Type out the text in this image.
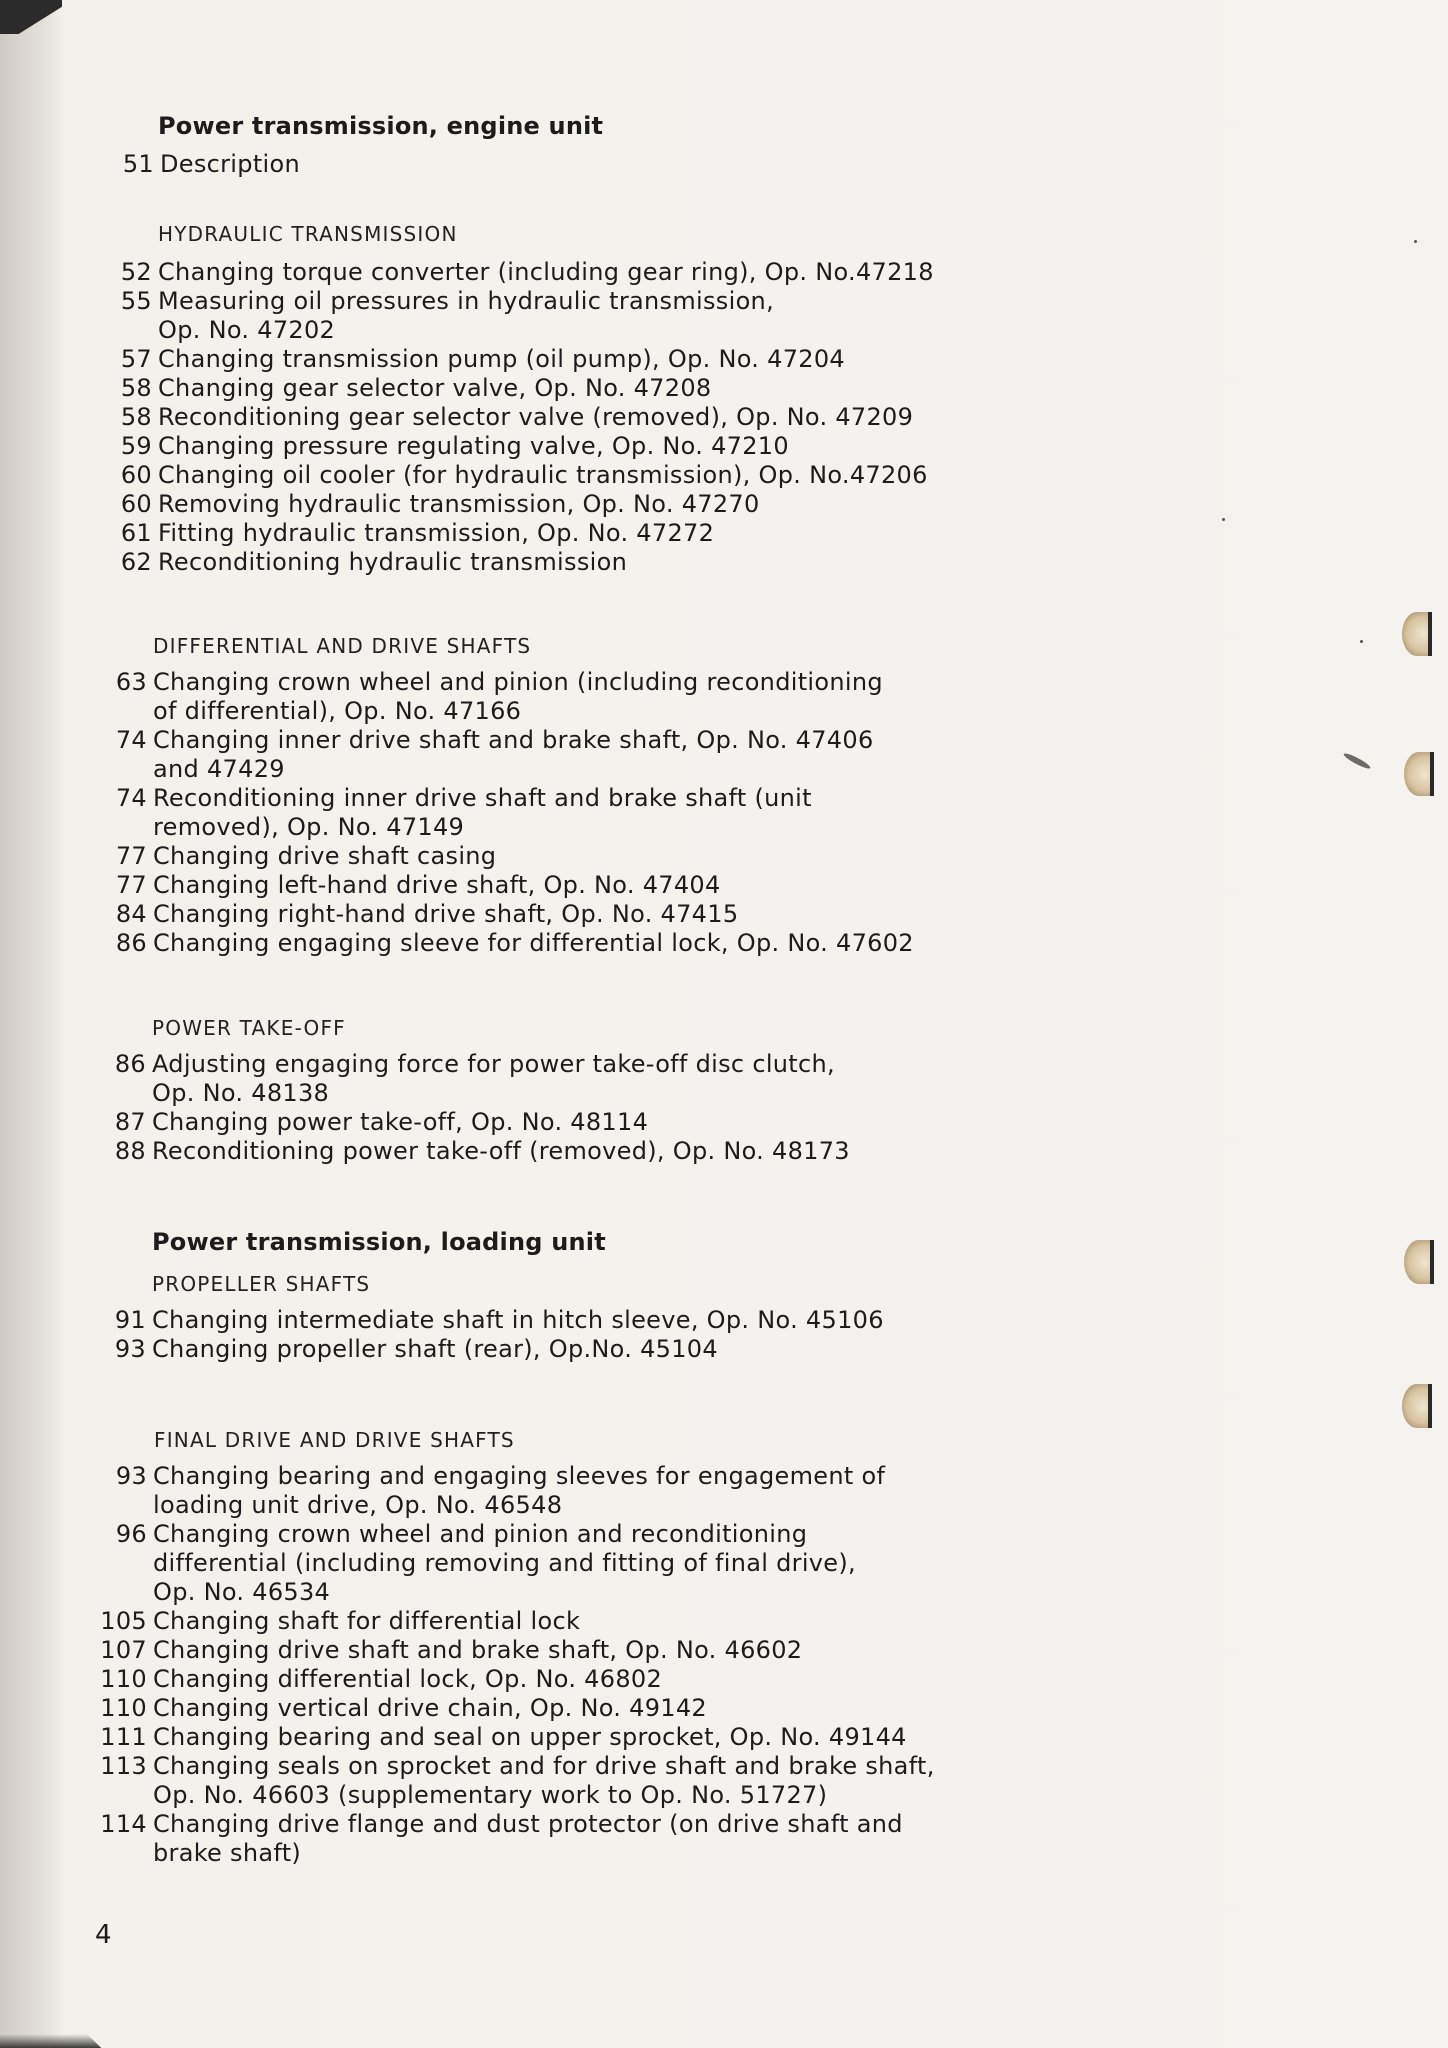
Power transmission, engine unit
51 Description
HYDRAULIC TRANSMISSION
52 Changing torque converter (including gear ring), Op. No.47218
55 Measuring oil pressures in hydraulic transmission,
Op. No. 47202
57 Changing transmission pump (oil pump), Op. No. 47204
58 Changing gear selector valve, Op. No. 47208
58 Reconditioning gear selector valve (removed), Op. No. 47209
59 Changing pressure regulating valve, Op. No. 47210
60 Changing oil cooler (for hydraulic transmission), Op. No.47206
60 Removing hydraulic transmission, Op. No. 47270
61 Fitting hydraulic transmission, Op. No. 47272
62 Reconditioning hydraulic transmission
DIFFERENTIAL AND DRIVE SHAFTS
63 Changing crown wheel and pinion (including reconditioning
of differential), Op. No. 47166
74 Changing inner drive shaft and brake shaft, Op. No. 47406
and 47429
74 Reconditioning inner drive shaft and brake shaft (unit
removed), Op. No. 47149
77 Changing drive shaft casing
77 Changing left-hand drive shaft, Op. No. 47404
84 Changing right-hand drive shaft, Op. No. 47415
86 Changing engaging sleeve for differential lock, Op. No. 47602
POWER TAKE-OFF
86 Adjusting engaging force for power take-off disc clutch,
Op. No. 48138
87 Changing power take-off, Op. No. 48114
88 Reconditioning power take-off (removed), Op. No. 48173
Power transmission, loading unit
PROPELLER SHAFTS
91 Changing intermediate shaft in hitch sleeve, Op. No. 45106
93 Changing propeller shaft (rear), Op.No. 45104
FINAL DRIVE AND DRIVE SHAFTS
93 Changing bearing and engaging sleeves for engagement of
loading unit drive, Op. No. 46548
96 Changing crown wheel and pinion and reconditioning
differential (including removing and fitting of final drive),
Op. No. 46534
105 Changing shaft for differential lock
107 Changing drive shaft and brake shaft, Op. No. 46602
110 Changing differential lock, Op. No. 46802
110 Changing vertical drive chain, Op. No. 49142
111 Changing bearing and seal on upper sprocket, Op. No. 49144
113 Changing seals on sprocket and for drive shaft and brake shaft,
Op. No. 46603 (supplementary work to Op. No. 51727)
114 Changing drive flange and dust protector (on drive shaft and
brake shaft)
4
